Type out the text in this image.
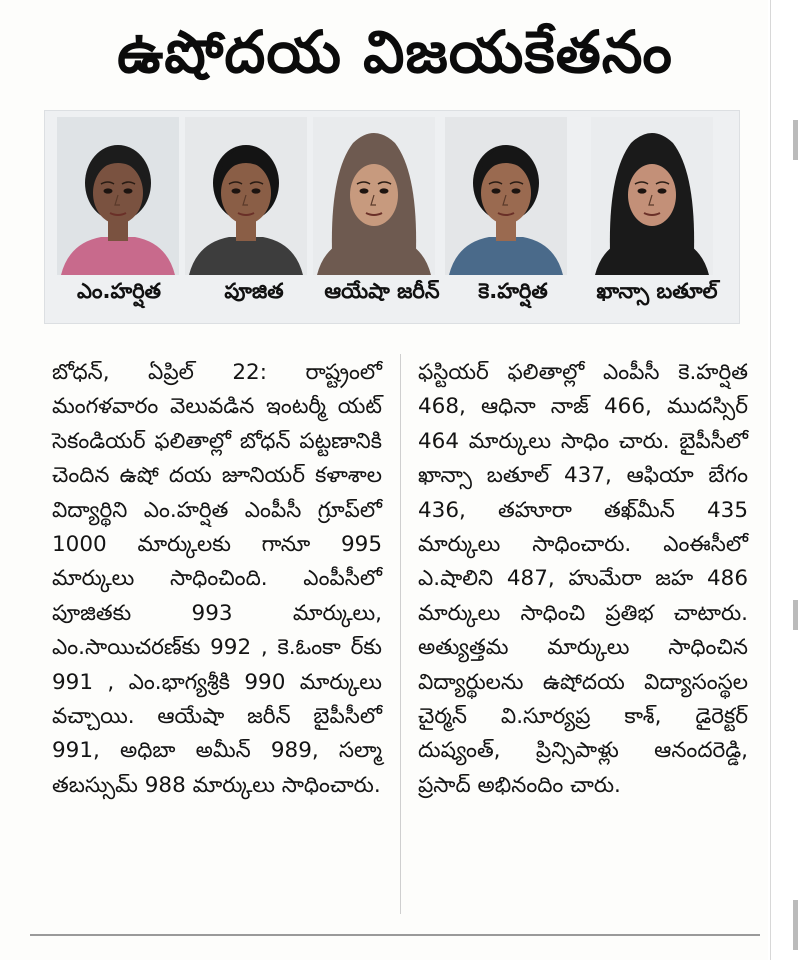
ఉషోదయ విజయకేతనం
ఎం.హర్షిత	పూజిత	ఆయేషా జరీన్	కె.హర్షిత	ఖాన్సా బతూల్
బోధన్, ఏప్రిల్ 22: రాష్ట్రంలో మంగళవారం వెలువడిన ఇంటర్మీ యట్ సెకండియర్ ఫలితాల్లో బోధన్ పట్టణానికి చెందిన ఉషో దయ జూనియర్ కళాశాల విద్యార్థిని ఎం.హర్షిత ఎంపీసీ గ్రూప్‌లో 1000 మార్కులకు గానూ 995 మార్కులు సాధించింది. ఎంపీసీలో పూజితకు 993 మార్కులు, ఎం.సాయిచరణ్‌కు 992 , కె.ఓంకా ర్‌కు 991 , ఎం.భాగ్యశ్రీకి 990 మార్కులు వచ్చాయి. ఆయేషా జరీన్ బైపీసీలో 991, అధిబా అమీన్ 989, సల్మా తబస్సుమ్ 988 మార్కులు సాధించారు.
ఫస్టియర్ ఫలితాల్లో ఎంపీసీ కె.హర్షిత 468, ఆధినా నాజ్ 466, ముదస్సిర్ 464 మార్కులు సాధిం చారు. బైపీసీలో ఖాన్సా బతూల్ 437, ఆఫియా బేగం 436, తహూరా తఖ్‌మీన్ 435 మార్కులు సాధించారు. ఎంఈసీలో ఎ.షాలిని 487, హుమేరా జహ 486 మార్కులు సాధించి ప్రతిభ చాటారు. అత్యుత్తమ మార్కులు సాధించిన విద్యార్థులను ఉషోదయ విద్యాసంస్థల చైర్మన్ వి.సూర్యప్ర కాశ్, డైరెక్టర్ దుష్యంత్, ప్రిన్సిపాళ్లు ఆనందరెడ్డి, ప్రసాద్ అభినందిం చారు.
